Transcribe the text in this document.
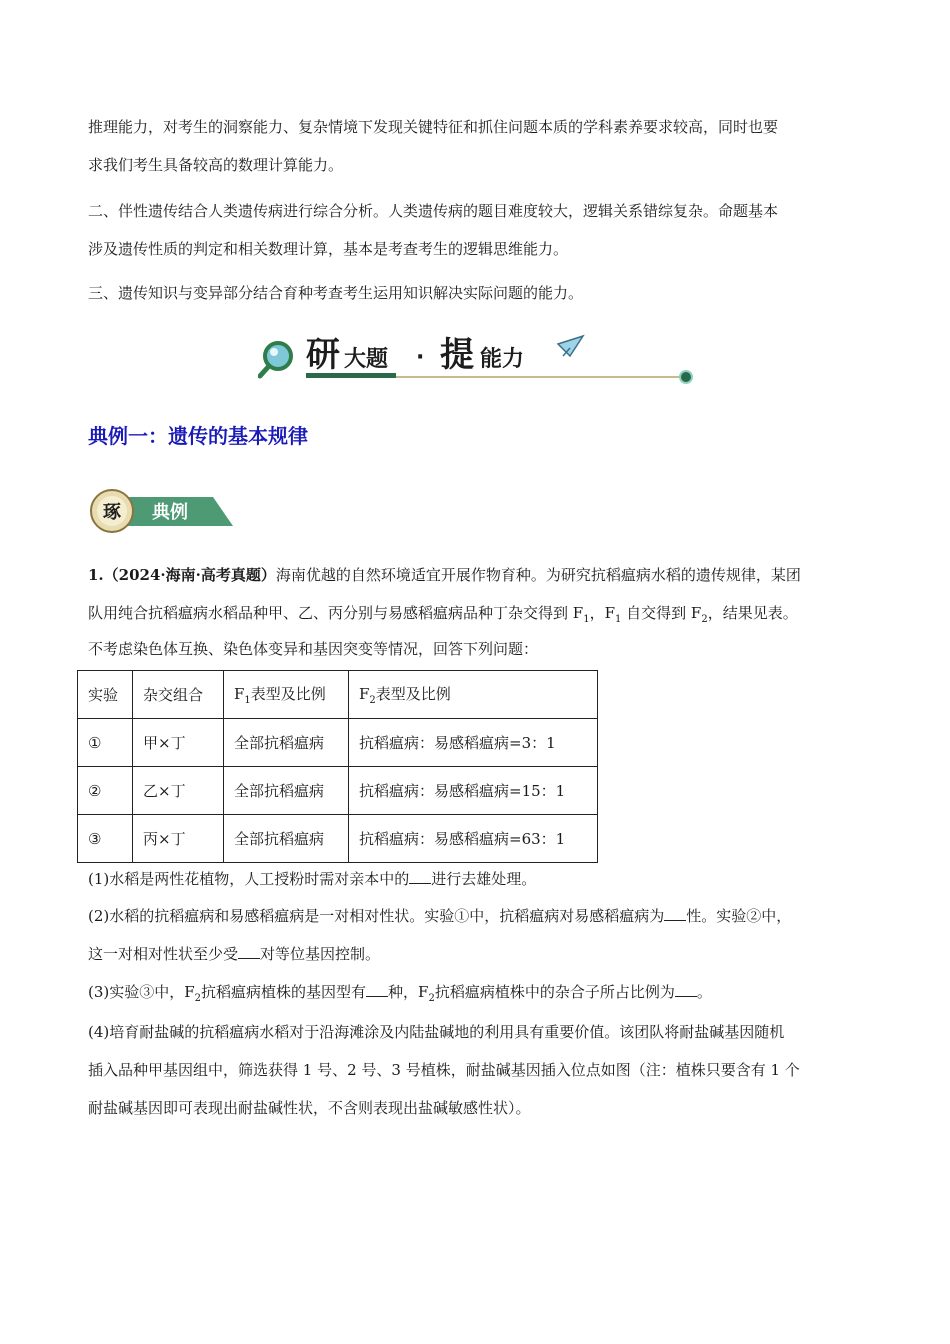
推理能力，对考生的洞察能力、复杂情境下发现关键特征和抓住问题本质的学科素养要求较高，同时也要

求我们考生具备较高的数理计算能力。

二、伴性遗传结合人类遗传病进行综合分析。人类遗传病的题目难度较大，逻辑关系错综复杂。命题基本

涉及遗传性质的判定和相关数理计算，基本是考查考生的逻辑思维能力。

三、遗传知识与变异部分结合育种考查考生运用知识解决实际问题的能力。

研 大题 · 提 能力
典例一：遗传的基本规律
琢 典例

1.（2024·海南·高考真题）海南优越的自然环境适宜开展作物育种。为研究抗稻瘟病水稻的遗传规律，某团

队用纯合抗稻瘟病水稻品种甲、乙、丙分别与易感稻瘟病品种丁杂交得到 $F_1$，$F_1$ 自交得到 $F_2$，结果见表。

不考虑染色体互换、染色体变异和基因突变等情况，回答下列问题：

实验	杂交组合	$F_1$表型及比例	$F_2$表型及比例
①	甲×丁	全部抗稻瘟病	抗稻瘟病：易感稻瘟病=3：1
②	乙×丁	全部抗稻瘟病	抗稻瘟病：易感稻瘟病=15：1
③	丙×丁	全部抗稻瘟病	抗稻瘟病：易感稻瘟病=63：1

(1)水稻是两性花植物，人工授粉时需对亲本中的 进行去雄处理。

(2)水稻的抗稻瘟病和易感稻瘟病是一对相对性状。实验①中，抗稻瘟病对易感稻瘟病为 性。实验②中，

这一对相对性状至少受 对等位基因控制。

(3)实验③中，$F_2$抗稻瘟病植株的基因型有 种，$F_2$抗稻瘟病植株中的杂合子所占比例为 。

(4)培育耐盐碱的抗稻瘟病水稻对于沿海滩涂及内陆盐碱地的利用具有重要价值。该团队将耐盐碱基因随机

插入品种甲基因组中，筛选获得 1 号、2 号、3 号植株，耐盐碱基因插入位点如图（注：植株只要含有 1 个

耐盐碱基因即可表现出耐盐碱性状，不含则表现出盐碱敏感性状）。
